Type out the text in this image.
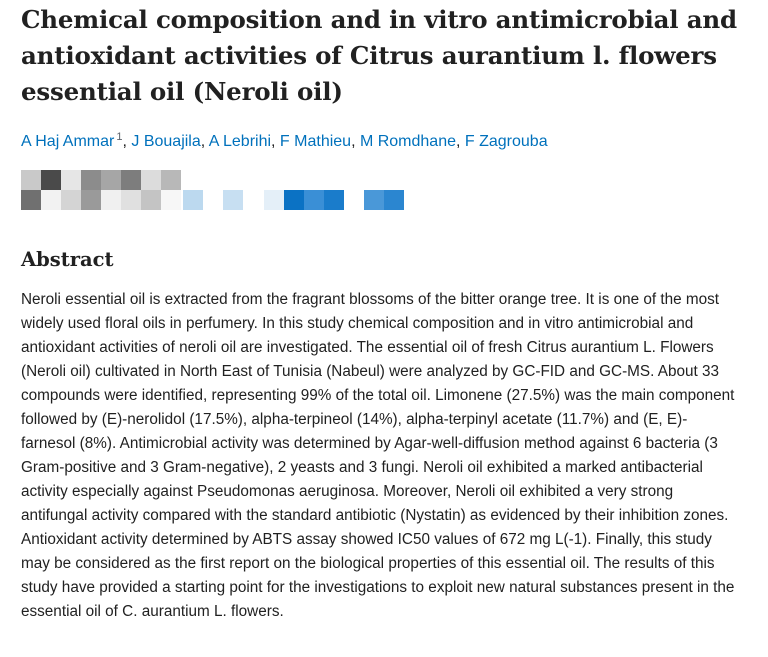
Chemical composition and in vitro antimicrobial and antioxidant activities of Citrus aurantium l. flowers essential oil (Neroli oil)
A Haj Ammar $^1$, J Bouajila, A Lebrihi, F Mathieu, M Romdhane, F Zagrouba
Abstract

Neroli essential oil is extracted from the fragrant blossoms of the bitter orange tree. It is one of the most widely used floral oils in perfumery. In this study chemical composition and in vitro antimicrobial and antioxidant activities of neroli oil are investigated. The essential oil of fresh Citrus aurantium L. Flowers (Neroli oil) cultivated in North East of Tunisia (Nabeul) were analyzed by GC-FID and GC-MS. About 33 compounds were identified, representing 99% of the total oil. Limonene (27.5%) was the main component followed by (E)-nerolidol (17.5%), alpha-terpineol (14%), alpha-terpinyl acetate (11.7%) and (E, E)-farnesol (8%). Antimicrobial activity was determined by Agar-well-diffusion method against 6 bacteria (3 Gram-positive and 3 Gram-negative), 2 yeasts and 3 fungi. Neroli oil exhibited a marked antibacterial activity especially against Pseudomonas aeruginosa. Moreover, Neroli oil exhibited a very strong antifungal activity compared with the standard antibiotic (Nystatin) as evidenced by their inhibition zones. Antioxidant activity determined by ABTS assay showed IC50 values of 672 mg L(-1). Finally, this study may be considered as the first report on the biological properties of this essential oil. The results of this study have provided a starting point for the investigations to exploit new natural substances present in the essential oil of C. aurantium L. flowers.
